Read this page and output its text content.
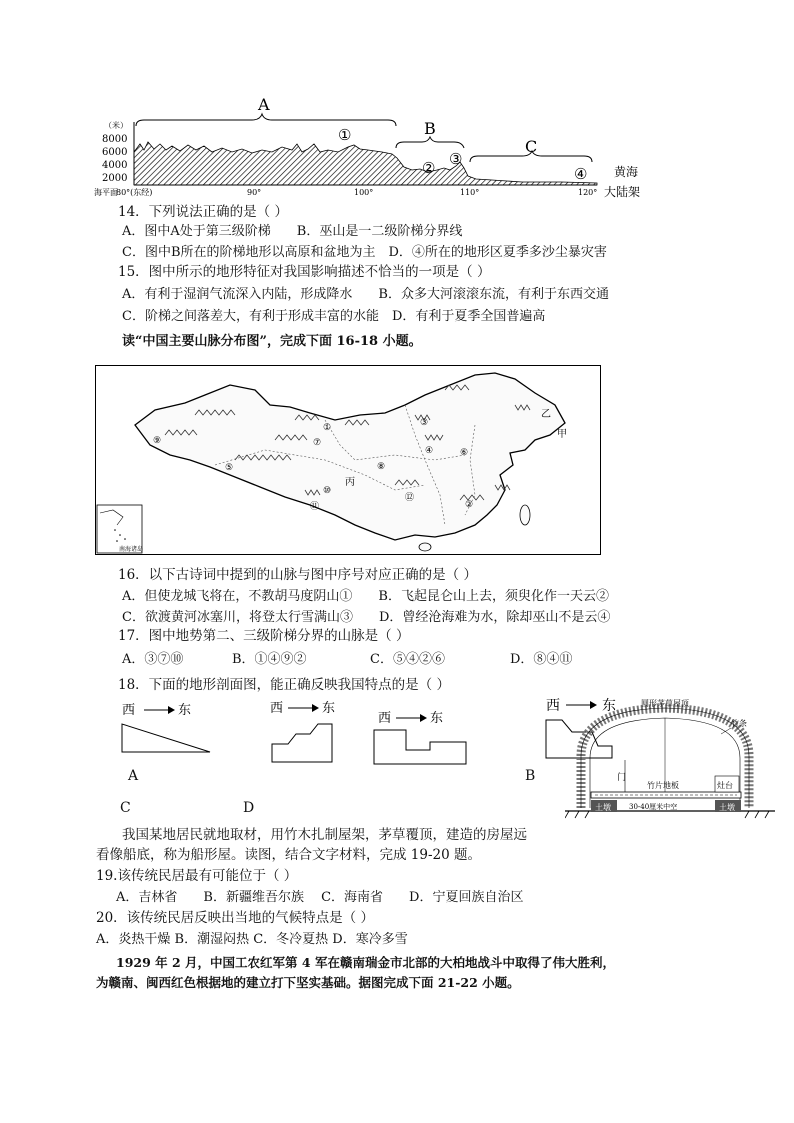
A
B
C
①
② ③
④
（米）
8000
6000
4000
2000
海平面
80°(东经)	90°	100°	110°	120°
黄海
大陆架
14．下列说法正确的是（ ）
A．图中A处于第三级阶梯　　B．巫山是一二级阶梯分界线
C．图中B所在的阶梯地形以高原和盆地为主　D．④所在的地形区夏季多沙尘暴灾害
15．图中所示的地形特征对我国影响描述不恰当的一项是（ ）
A．有利于湿润气流深入内陆，形成降水　　B．众多大河滚滚东流，有利于东西交通
C．阶梯之间落差大，有利于形成丰富的水能　D．有利于夏季全国普遍高
读“中国主要山脉分布图”，完成下面 16-18 小题。
南海诸岛
⑨
①
⑦
⑤	⑧
③
④	⑥
⑩
⑪	②
⑫
乙
甲
丙
16．以下古诗词中提到的山脉与图中序号对应正确的是（ ）
A．但使龙城飞将在，不教胡马度阴山①　　B．飞起昆仑山上去，须臾化作一天云②
C．欲渡黄河冰塞川，将登太行雪满山③　　D．曾经沧海难为水，除却巫山不是云④
17．图中地势第二、三级阶梯分界的山脉是（ ）
A．③⑦⑩	B．①④⑨②	C．⑤④②⑥	D．⑧④⑪
18．下面的地形剖面图，能正确反映我国特点的是（ ）
西	东
A
西	东
西	东
西	东
B
C	D	土墩	土墩
30-40厘米中空
门
竹片地板	灶台
圆形茅草屋顶
竹条
我国某地居民就地取材，用竹木扎制屋架，茅草覆顶，建造的房屋远
看像船底，称为船形屋。读图，结合文字材料，完成 19-20 题。
19.该传统民居最有可能位于（ ）
A．吉林省　　B．新疆维吾尔族　 C．海南省　　D．宁夏回族自治区
20．该传统民居反映出当地的气候特点是（ ）
A．炎热干燥 B．潮湿闷热 C．冬冷夏热 D．寒冷多雪
1929 年 2 月，中国工农红军第 4 军在赣南瑞金市北部的大柏地战斗中取得了伟大胜利，
为赣南、闽西红色根据地的建立打下坚实基础。据图完成下面 21-22 小题。
